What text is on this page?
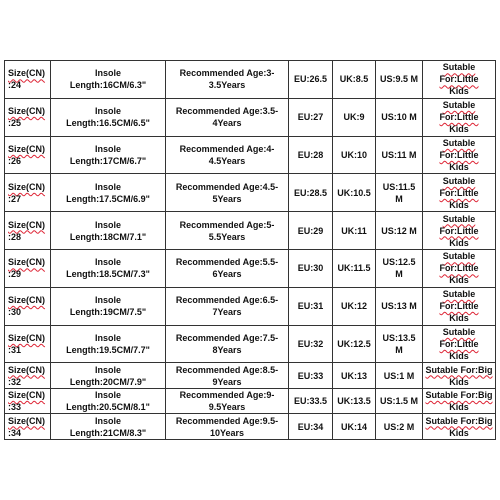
Size(CN)
:24	Insole
Length:16CM/6.3"	Recommended Age:3-
3.5Years	EU:26.5	UK:8.5	US:9.5 M	Sutable For:Little
Kids

Size(CN)
:25	Insole
Length:16.5CM/6.5"	Recommended Age:3.5-
4Years	EU:27	UK:9	US:10 M	Sutable For:Little
Kids

Size(CN)
:26	Insole
Length:17CM/6.7"	Recommended Age:4-
4.5Years	EU:28	UK:10	US:11 M	Sutable For:Little
Kids

Size(CN)
:27	Insole
Length:17.5CM/6.9"	Recommended Age:4.5-
5Years	EU:28.5	UK:10.5	US:11.5
M	Sutable For:Little
Kids

Size(CN)
:28	Insole
Length:18CM/7.1"	Recommended Age:5-
5.5Years	EU:29	UK:11	US:12 M	Sutable For:Little
Kids

Size(CN)
:29	Insole
Length:18.5CM/7.3"	Recommended Age:5.5-
6Years	EU:30	UK:11.5	US:12.5
M	Sutable For:Little
Kids

Size(CN)
:30	Insole
Length:19CM/7.5"	Recommended Age:6.5-
7Years	EU:31	UK:12	US:13 M	Sutable For:Little
Kids

Size(CN)
:31	Insole
Length:19.5CM/7.7"	Recommended Age:7.5-
8Years	EU:32	UK:12.5	US:13.5
M	Sutable For:Little
Kids

Size(CN)
:32	Insole
Length:20CM/7.9"	Recommended Age:8.5-
9Years	EU:33	UK:13	US:1 M	Sutable For:Big
Kids

Size(CN)
:33	Insole
Length:20.5CM/8.1"	Recommended Age:9-
9.5Years	EU:33.5	UK:13.5	US:1.5 M	Sutable For:Big
Kids

Size(CN)
:34	Insole
Length:21CM/8.3"	Recommended Age:9.5-
10Years	EU:34	UK:14	US:2 M	Sutable For:Big
Kids
